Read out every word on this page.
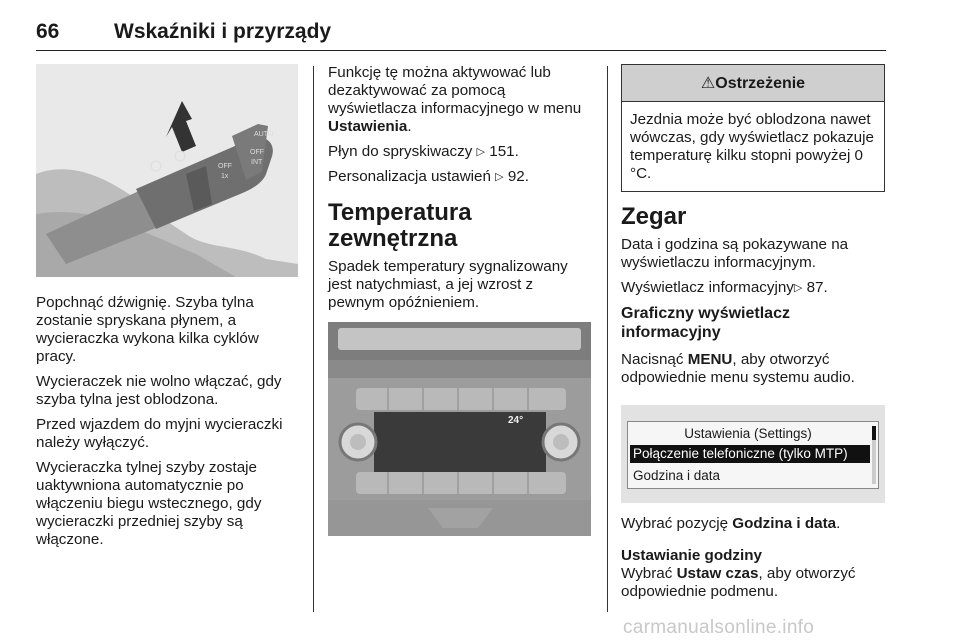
66	Wskaźniki i przyrządy
OFF
1x
OFF
INT
AUTO

Popchnąć dźwignię. Szyba tylna zostanie spryskana płynem, a wycieraczka wykona kilka cyklów pracy.

Wycieraczek nie wolno włączać, gdy szyba tylna jest oblodzona.

Przed wjazdem do myjni wycieraczki należy wyłączyć.

Wycieraczka tylnej szyby zostaje uaktywniona automatycznie po włączeniu biegu wstecznego, gdy wycieraczki przedniej szyby są włączone.

Funkcję tę można aktywować lub dezaktywować za pomocą wyświetlacza informacyjnego w menu Ustawienia.

Płyn do spryskiwaczy ▷ 151.

Personalizacja ustawień ▷ 92.

Temperatura zewnętrzna

Spadek temperatury sygnalizowany jest natychmiast, a jej wzrost z pewnym opóźnieniem.

24°
⚠Ostrzeżenie

Jezdnia może być oblodzona nawet wówczas, gdy wyświetlacz pokazuje temperaturę kilku stopni powyżej 0 °C.

Zegar

Data i godzina są pokazywane na wyświetlaczu informacyjnym.

Wyświetlacz informacyjny▷ 87.

Graficzny wyświetlacz informacyjny

Nacisnąć MENU, aby otworzyć odpowiednie menu systemu audio.

Ustawienia (Settings)
Połączenie telefoniczne (tylko MTP)
Godzina i data

Wybrać pozycję Godzina i data.

Ustawianie godziny

Wybrać Ustaw czas, aby otworzyć odpowiednie podmenu.

carmanualsonline.info
